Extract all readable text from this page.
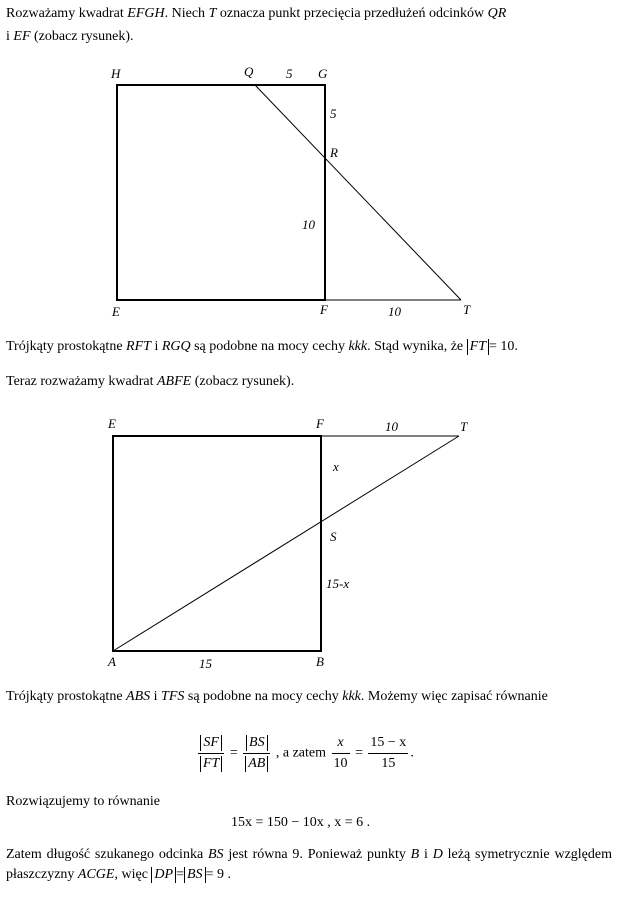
Rozważamy kwadrat EFGH. Niech T oznacza punkt przecięcia przedłużeń odcinków QR
i EF (zobacz rysunek).
H	Q	5 G
5
R
10
E	F	10	T
E	F	10	T
x
S
15-x
A	15	B
Trójkąty prostokątne RFT i RGQ są podobne na mocy cechy kkk. Stąd wynika, że FT = 10.
Teraz rozważamy kwadrat ABFE (zobacz rysunek).
Trójkąty prostokątne ABS i TFS są podobne na mocy cechy kkk. Możemy więc zapisać równanie
$\frac{SF}{FT} = \frac{BS}{AB}$ , a zatem $\frac{x}{10} = \frac{15 - x}{15}$ .
Rozwiązujemy to równanie
15x = 150 − 10x , x = 6 .
Zatem długość szukanego odcinka BS jest równa 9. Ponieważ punkty B i D leżą symetrycznie względem płaszczyzny ACGE, więc DP = BS = 9 .
